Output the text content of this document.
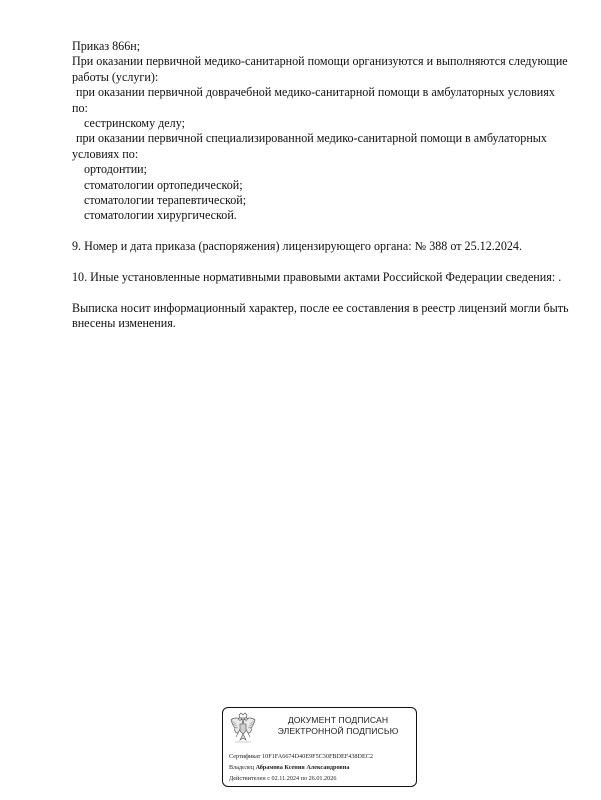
Приказ 866н;
При оказании первичной медико-санитарной помощи организуются и выполняются следующие
работы (услуги):
при оказании первичной доврачебной медико-санитарной помощи в амбулаторных условиях
по:
сестринскому делу;
при оказании первичной специализированной медико-санитарной помощи в амбулаторных
условиях по:
ортодонтии;
стоматологии ортопедической;
стоматологии терапевтической;
стоматологии хирургической.
9. Номер и дата приказа (распоряжения) лицензирующего органа: № 388 от 25.12.2024.
10. Иные установленные нормативными правовыми актами Российской Федерации сведения: .
Выписка носит информационный характер, после ее составления в реестр лицензий могли быть
внесены изменения.
ДОКУМЕНТ ПОДПИСАН
ЭЛЕКТРОННОЙ ПОДПИСЬЮ
Сертификат 10F1FA6674D40E9F5C30FBDEF438DEC2
Владелец Абрамова Ксения Александровна
Действителен с 02.11.2024 по 26.01.2026
